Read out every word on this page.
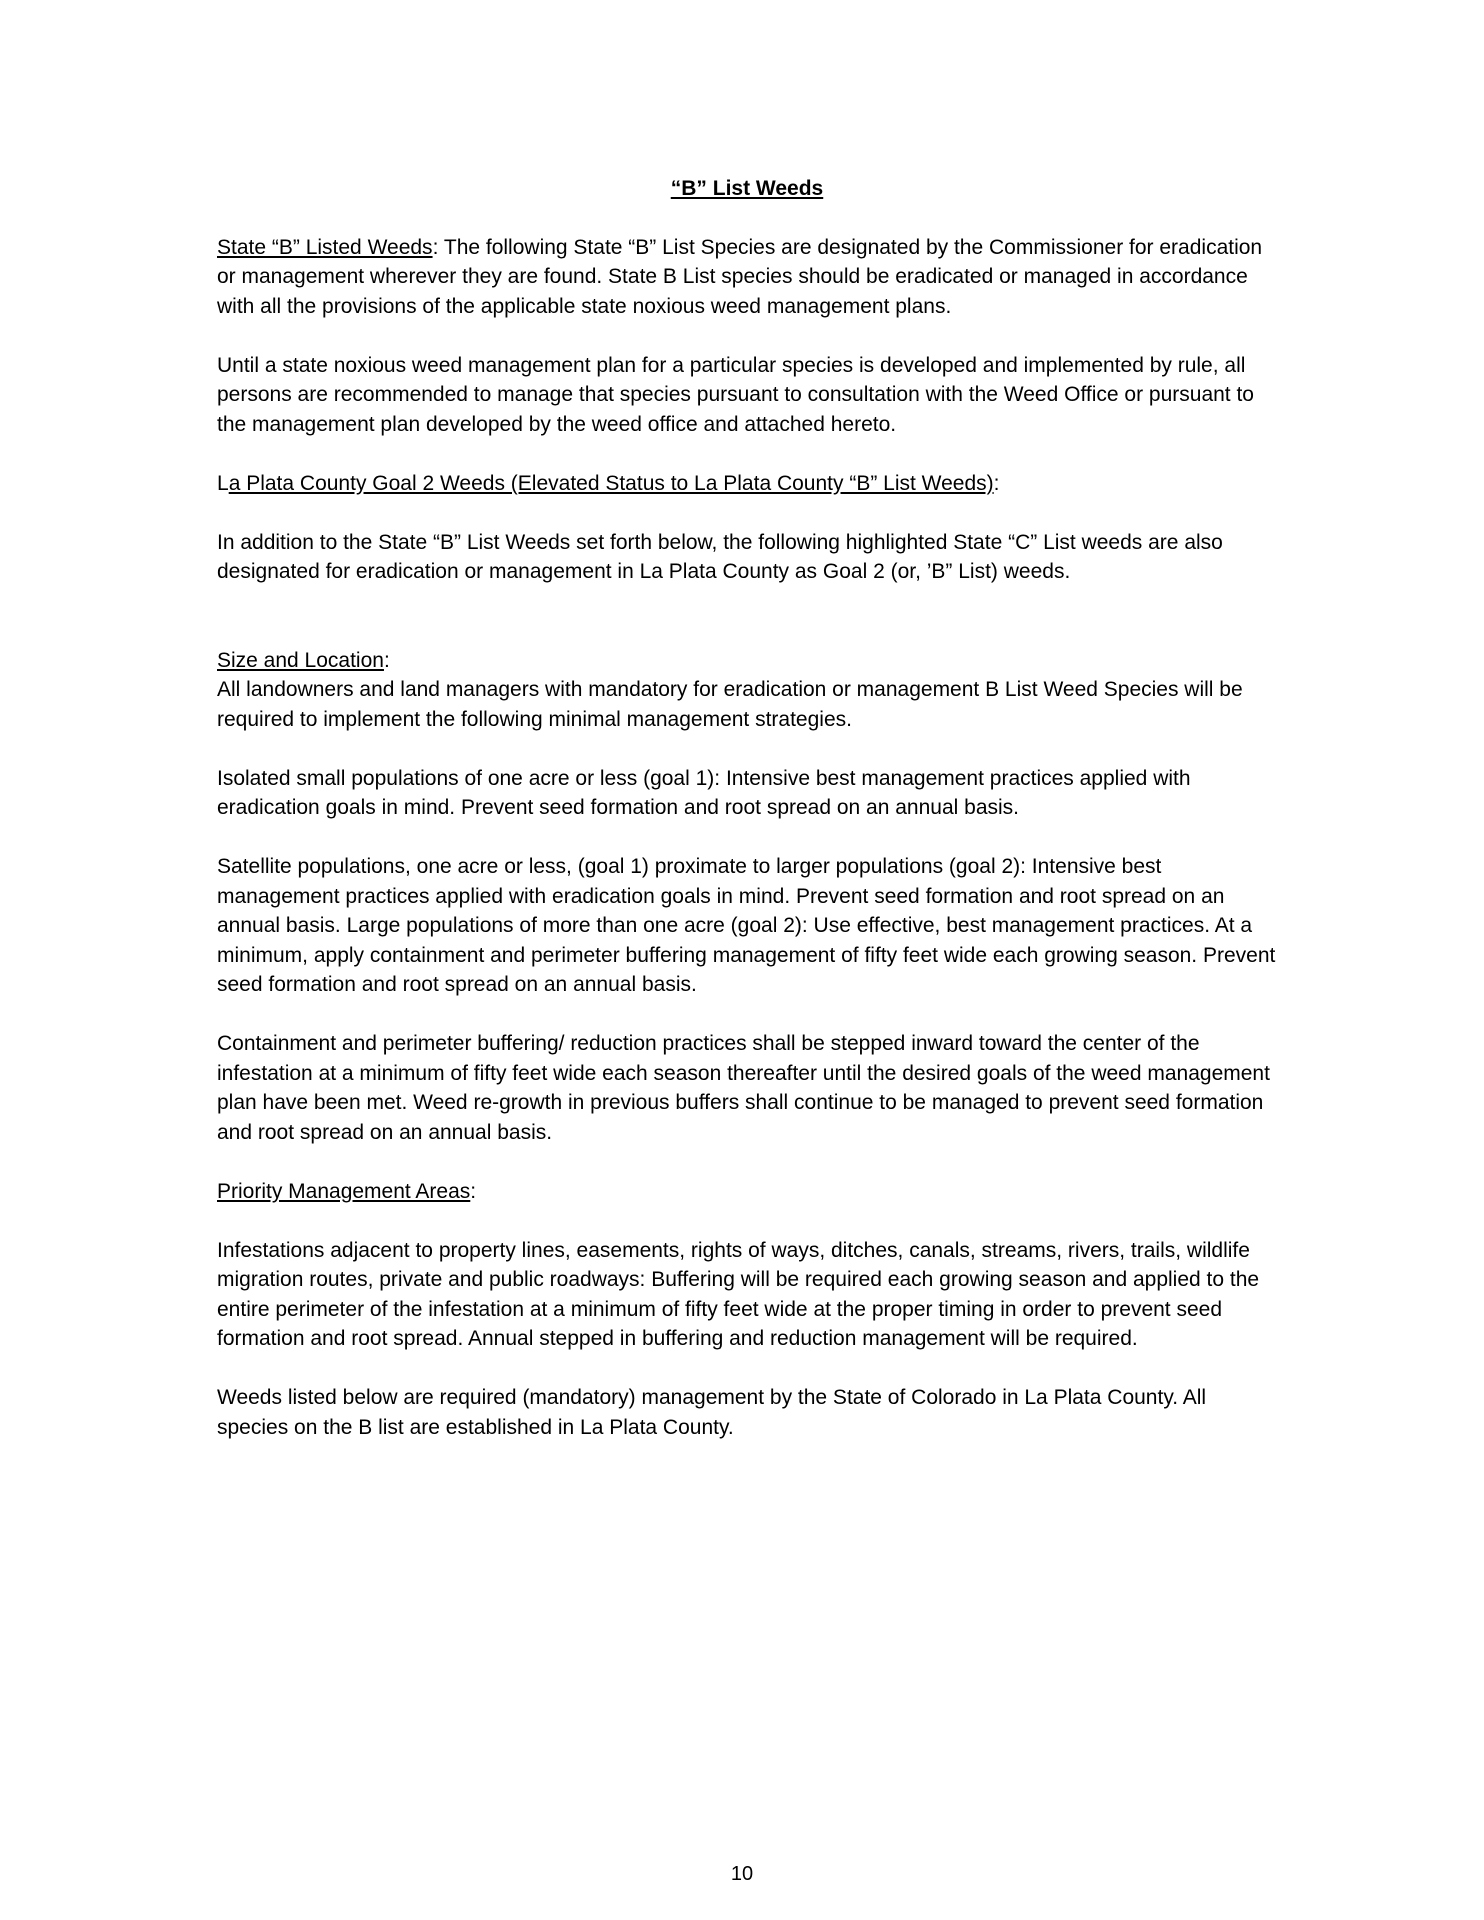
“B” List Weeds

State “B” Listed Weeds: The following State “B” List Species are designated by the Commissioner for eradication or management wherever they are found. State B List species should be eradicated or managed in accordance with all the provisions of the applicable state noxious weed management plans.

Until a state noxious weed management plan for a particular species is developed and implemented by rule, all persons are recommended to manage that species pursuant to consultation with the Weed Office or pursuant to the management plan developed by the weed office and attached hereto.

La Plata County Goal 2 Weeds (Elevated Status to La Plata County “B” List Weeds):

In addition to the State “B” List Weeds set forth below, the following highlighted State “C” List weeds are also designated for eradication or management in La Plata County as Goal 2 (or, ’B” List) weeds.

Size and Location:
All landowners and land managers with mandatory for eradication or management B List Weed Species will be required to implement the following minimal management strategies.

Isolated small populations of one acre or less (goal 1): Intensive best management practices applied with eradication goals in mind. Prevent seed formation and root spread on an annual basis.

Satellite populations, one acre or less, (goal 1) proximate to larger populations (goal 2): Intensive best management practices applied with eradication goals in mind. Prevent seed formation and root spread on an annual basis. Large populations of more than one acre (goal 2): Use effective, best management practices. At a minimum, apply containment and perimeter buffering management of fifty feet wide each growing season. Prevent seed formation and root spread on an annual basis.

Containment and perimeter buffering/ reduction practices shall be stepped inward toward the center of the infestation at a minimum of fifty feet wide each season thereafter until the desired goals of the weed management plan have been met. Weed re-growth in previous buffers shall continue to be managed to prevent seed formation and root spread on an annual basis.

Priority Management Areas:

Infestations adjacent to property lines, easements, rights of ways, ditches, canals, streams, rivers, trails, wildlife migration routes, private and public roadways: Buffering will be required each growing season and applied to the entire perimeter of the infestation at a minimum of fifty feet wide at the proper timing in order to prevent seed formation and root spread. Annual stepped in buffering and reduction management will be required.

Weeds listed below are required (mandatory) management by the State of Colorado in La Plata County. All species on the B list are established in La Plata County.

10
